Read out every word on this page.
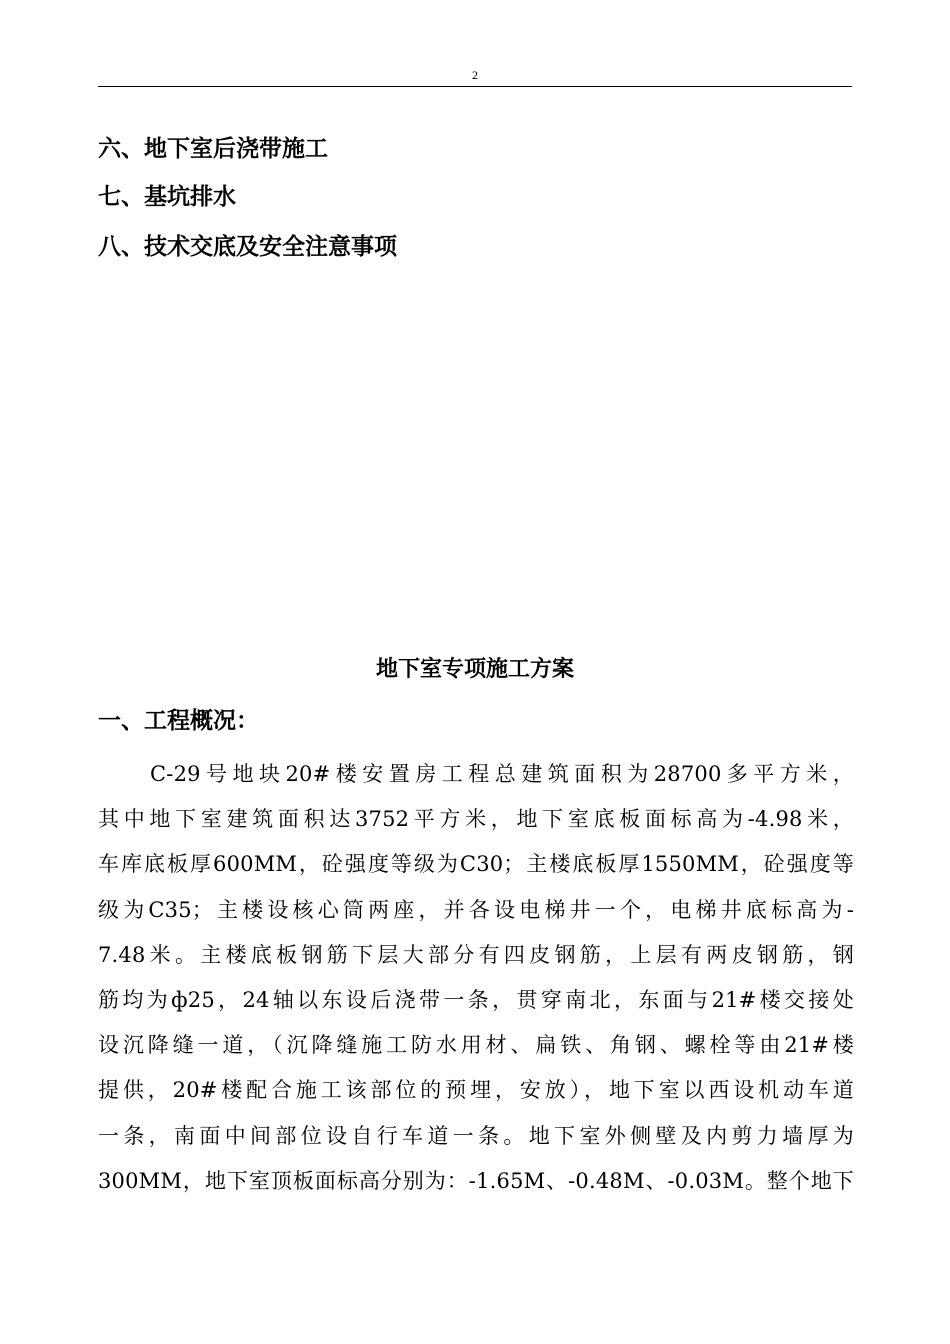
2
六、地下室后浇带施工
七、基坑排水
八、技术交底及安全注意事项
地下室专项施工方案
一、工程概况：
C-29号地块20#楼安置房工程总建筑面积为28700多平方米，
其中地下室建筑面积达3752平方米，地下室底板面标高为-4.98米，
车库底板厚600MM，砼强度等级为C30；主楼底板厚1550MM，砼强度等
级为C35；主楼设核心筒两座，并各设电梯井一个，电梯井底标高为-
7.48米。主楼底板钢筋下层大部分有四皮钢筋，上层有两皮钢筋，钢
筋均为ф25，24轴以东设后浇带一条，贯穿南北，东面与21#楼交接处
设沉降缝一道，（沉降缝施工防水用材、扁铁、角钢、螺栓等由21#楼
提供，20#楼配合施工该部位的预埋，安放），地下室以西设机动车道
一条，南面中间部位设自行车道一条。地下室外侧壁及内剪力墙厚为
300MM，地下室顶板面标高分别为：-1.65M、-0.48M、-0.03M。整个地下
